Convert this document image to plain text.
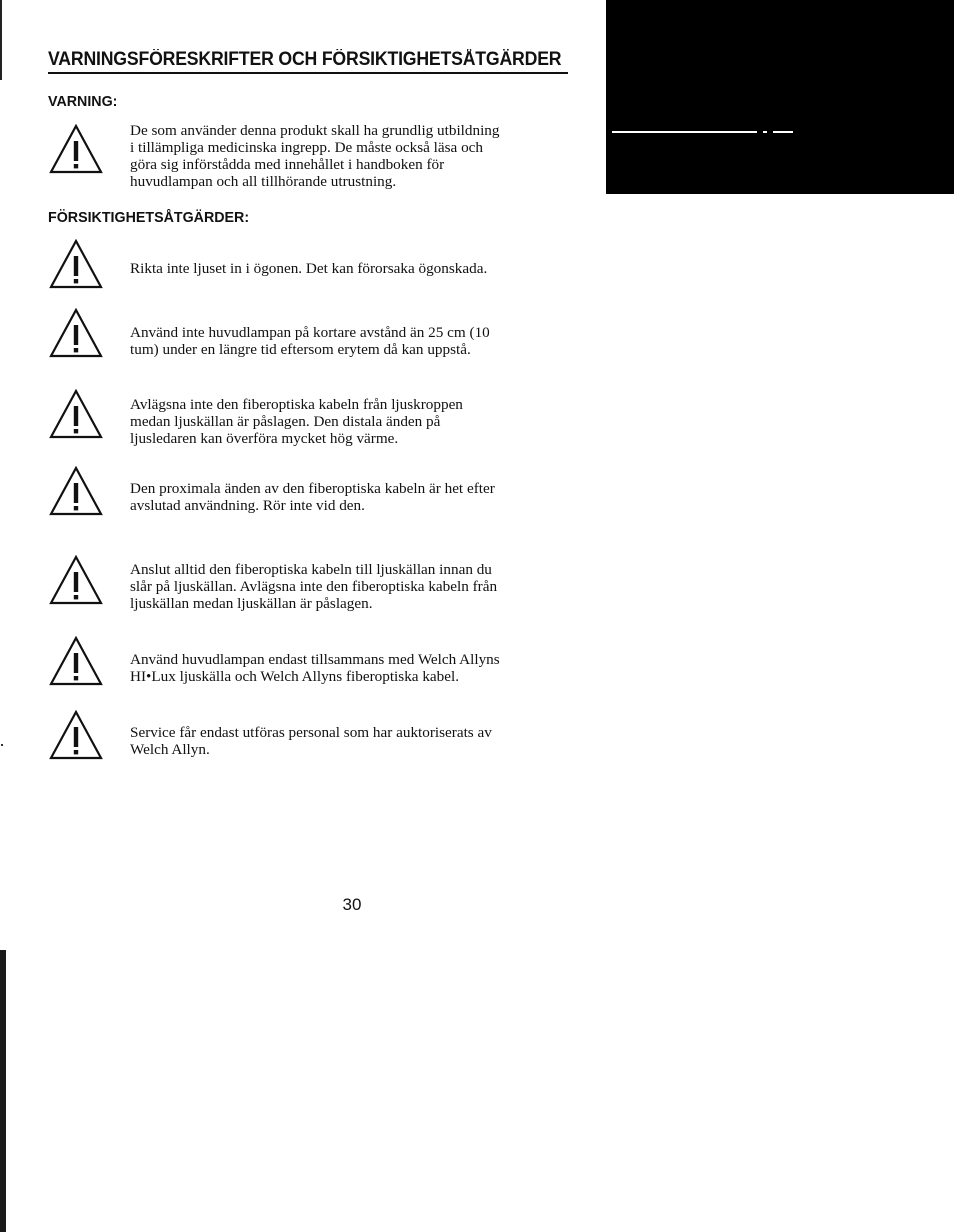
VARNINGSFÖRESKRIFTER OCH FÖRSIKTIGHETSÅTGÄRDER
VARNING:

De som använder denna produkt skall ha grundlig utbildning
i tillämpliga medicinska ingrepp. De måste också läsa och
göra sig införstådda med innehållet i handboken för
huvudlampan och all tillhörande utrustning.

FÖRSIKTIGHETSÅTGÄRDER:

Rikta inte ljuset in i ögonen. Det kan förorsaka ögonskada.

Använd inte huvudlampan på kortare avstånd än 25 cm (10
tum) under en längre tid eftersom erytem då kan uppstå.

Avlägsna inte den fiberoptiska kabeln från ljuskroppen
medan ljuskällan är påslagen. Den distala änden på
ljusledaren kan överföra mycket hög värme.

Den proximala änden av den fiberoptiska kabeln är het efter
avslutad användning. Rör inte vid den.

Anslut alltid den fiberoptiska kabeln till ljuskällan innan du
slår på ljuskällan. Avlägsna inte den fiberoptiska kabeln från
ljuskällan medan ljuskällan är påslagen.

Använd huvudlampan endast tillsammans med Welch Allyns
HI•Lux ljuskälla och Welch Allyns fiberoptiska kabel.

Service får endast utföras personal som har auktoriserats av
Welch Allyn.

30
